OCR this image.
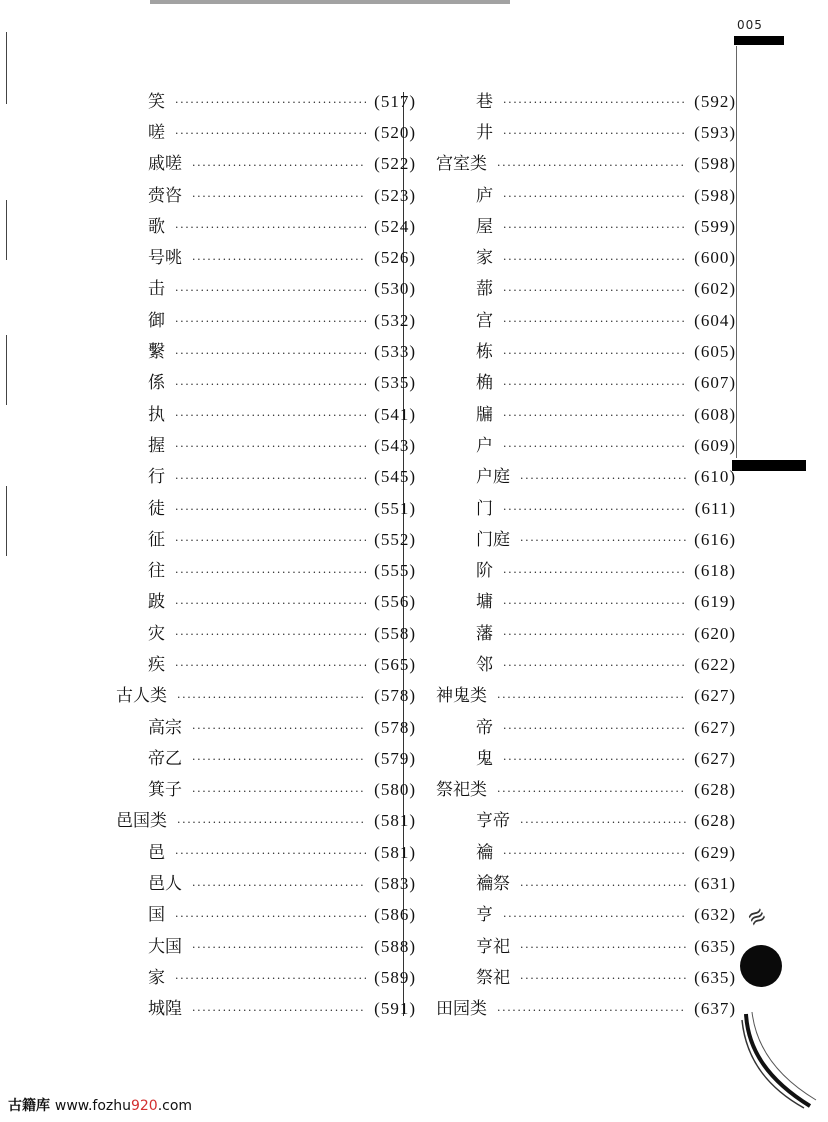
005
笑 ·····	(517)
嗟 ·····	(520)
戚嗟 ·····	(522)
赍咨 ·····	(523)
歌 ·····	(524)
号咷 ·····	(526)
击 ·····	(530)
御 ·····	(532)
繫 ·····	(533)
係 ·····	(535)
执 ·····	(541)
握 ·····	(543)
行 ·····	(545)
徒 ·····	(551)
征 ·····	(552)
往 ·····	(555)
跛 ·····	(556)
灾 ·····	(558)
疾 ·····	(565)
古人类 ·····	(578)
高宗 ·····	(578)
帝乙 ·····	(579)
箕子 ·····	(580)
邑国类 ·····	(581)
邑 ·····	(581)
邑人 ·····	(583)
国 ·····	(586)
大国 ·····	(588)
家 ·····	(589)
城隍 ·····	(591)
巷 ·····	(592)
井 ·····	(593)
宫室类 ·····	(598)
庐 ·····	(598)
屋 ·····	(599)
家 ·····	(600)
蔀 ·····	(602)
宫 ·····	(604)
栋 ·····	(605)
桷 ·····	(607)
牖 ·····	(608)
户 ·····	(609)
户庭 ·····	(610)
门 ·····	(611)
门庭 ·····	(616)
阶 ·····	(618)
墉 ·····	(619)
藩 ·····	(620)
邻 ·····	(622)
神鬼类 ·····	(627)
帝 ·····	(627)
鬼 ·····	(627)
祭祀类 ·····	(628)
亨帝 ·····	(628)
禴 ·····	(629)
禴祭 ·····	(631)
亨 ·····	(632)
亨祀 ·····	(635)
祭祀 ·····	(635)
田园类 ·····	(637)
≋
古籍库 www.fozhu920.com
